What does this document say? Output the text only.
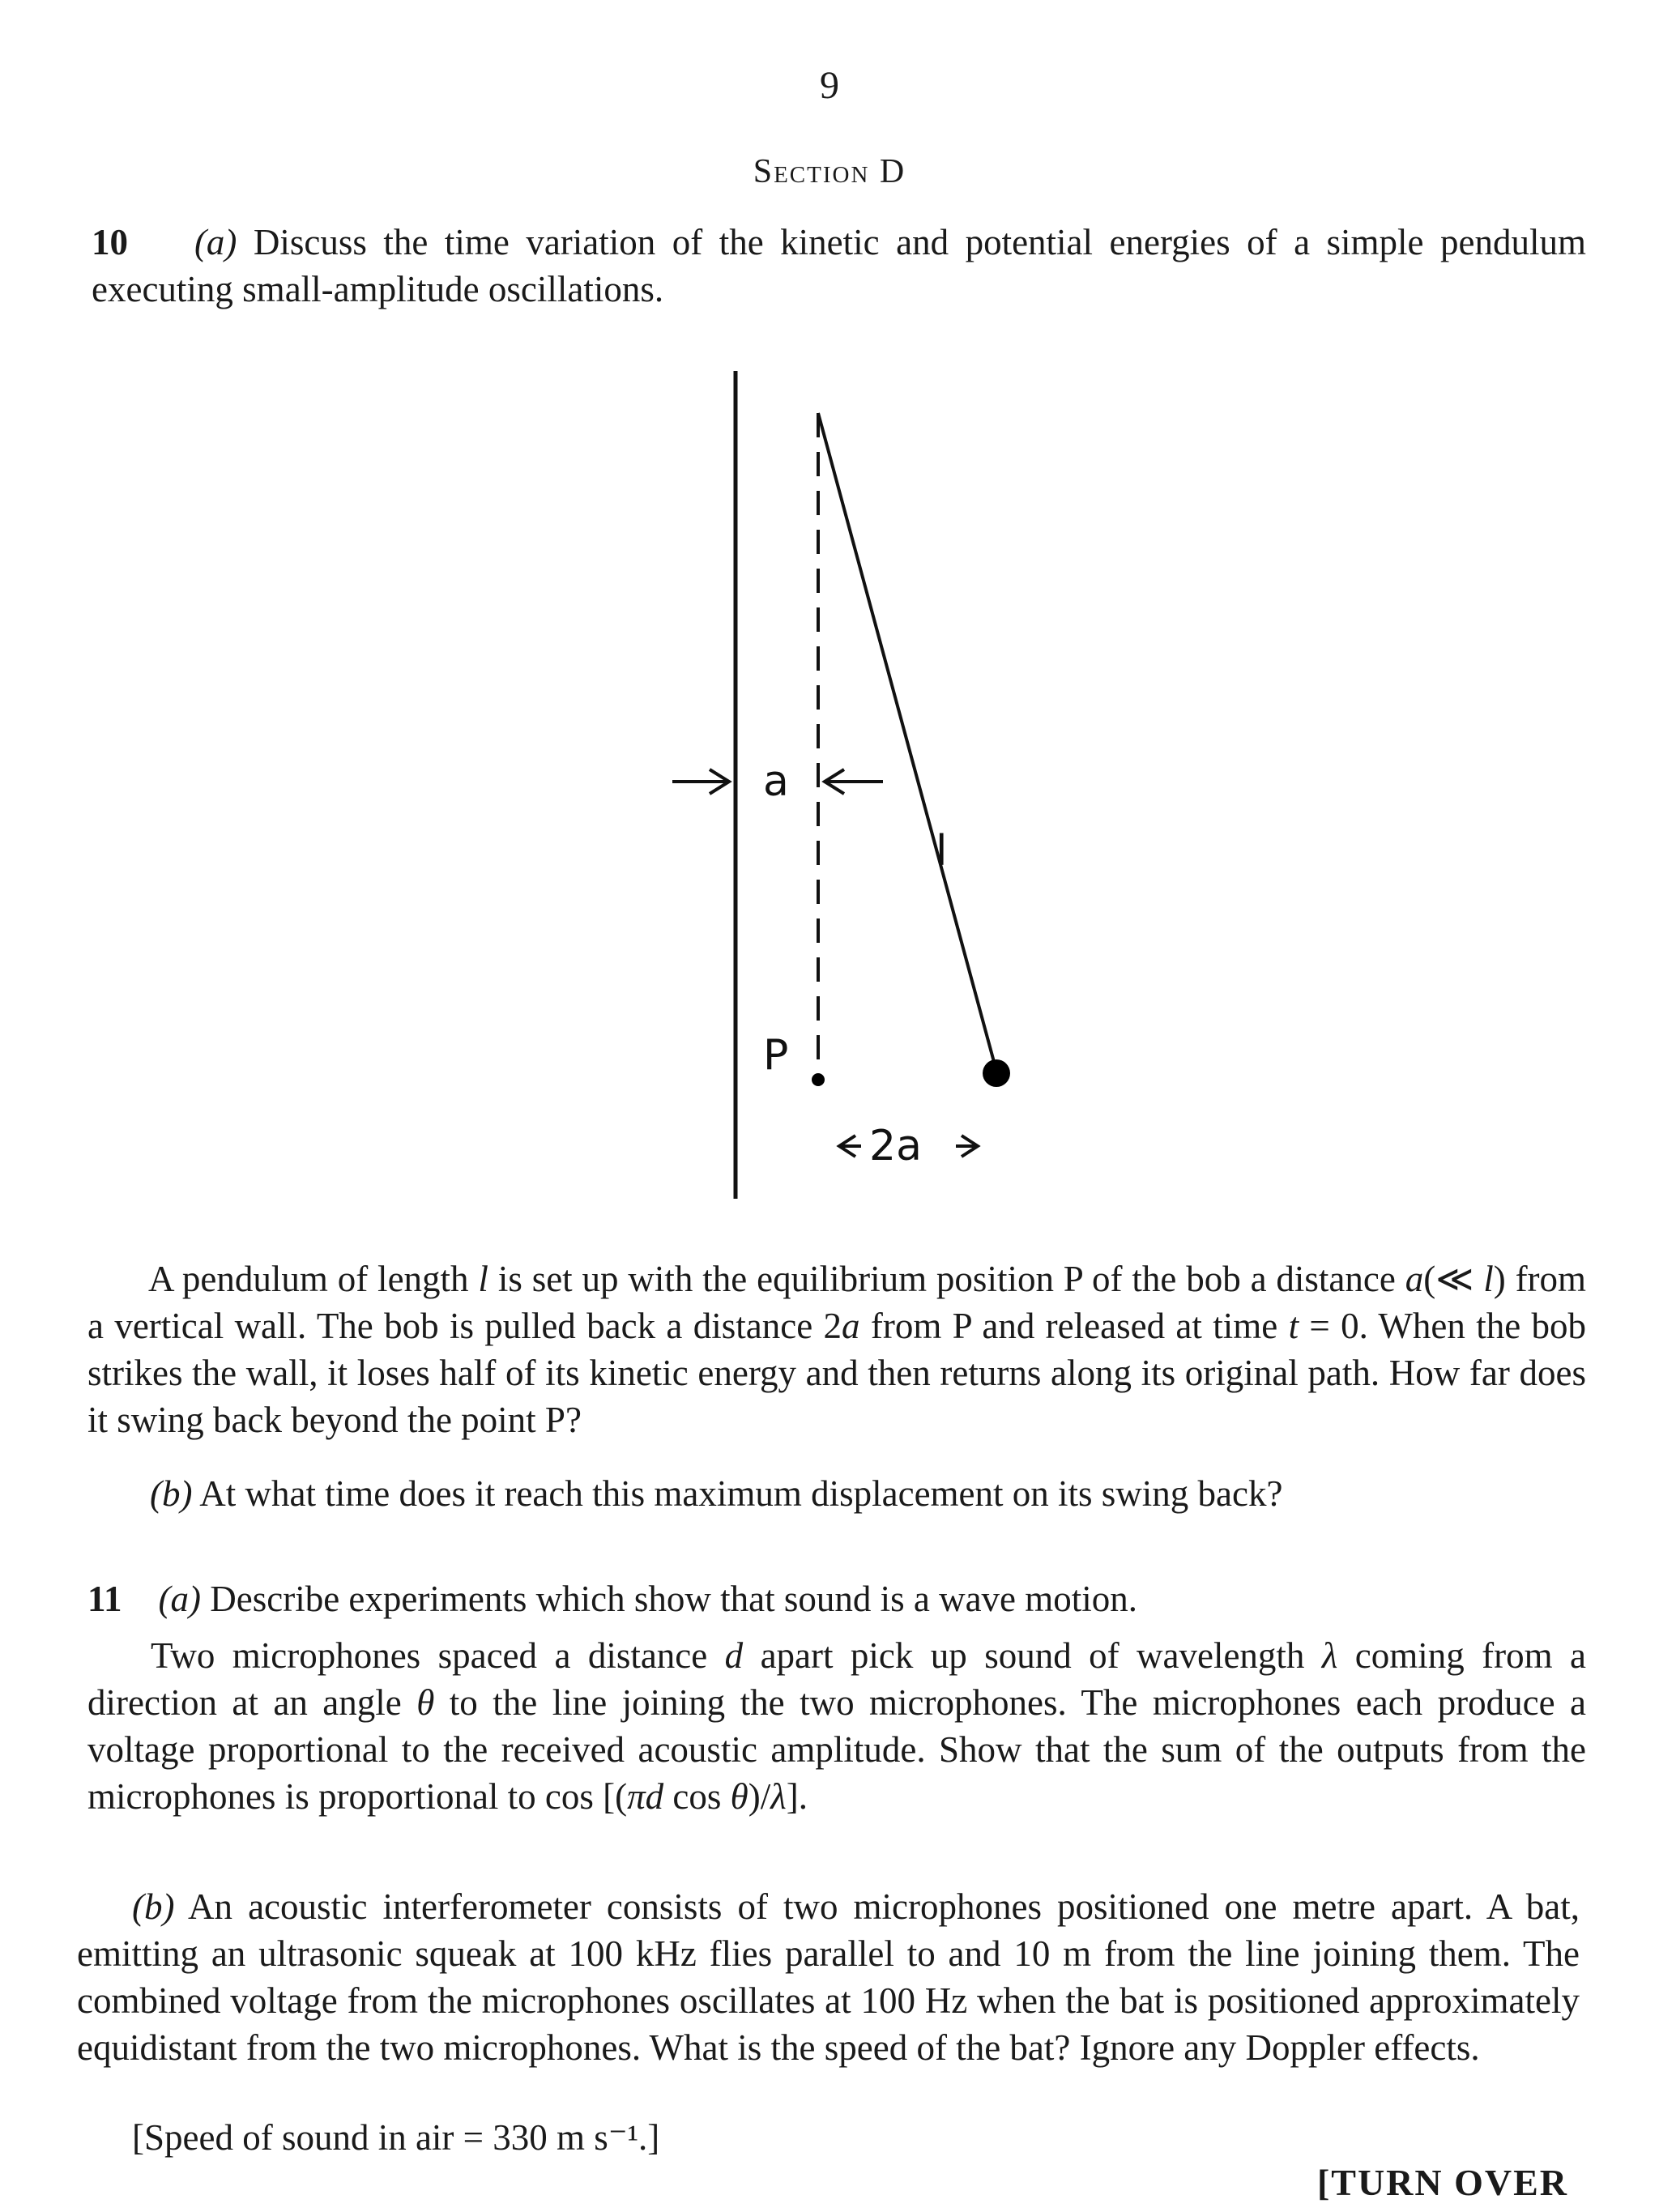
9
Section D
10 (a) Discuss the time variation of the kinetic and potential energies of a simple pendulum executing small-amplitude oscillations.
a
l
P
2a
A pendulum of length l is set up with the equilibrium position P of the bob a distance a(≪ l) from a vertical wall. The bob is pulled back a distance 2a from P and released at time t = 0. When the bob strikes the wall, it loses half of its kinetic energy and then returns along its original path. How far does it swing back beyond the point P?
(b) At what time does it reach this maximum displacement on its swing back?
11 (a) Describe experiments which show that sound is a wave motion.
Two microphones spaced a distance d apart pick up sound of wavelength λ coming from a direction at an angle θ to the line joining the two microphones. The microphones each produce a voltage proportional to the received acoustic amplitude. Show that the sum of the outputs from the microphones is proportional to cos [(πd cos θ)/λ].
(b) An acoustic interferometer consists of two microphones positioned one metre apart. A bat, emitting an ultrasonic squeak at 100 kHz flies parallel to and 10 m from the line joining them. The combined voltage from the microphones oscillates at 100 Hz when the bat is positioned approximately equidistant from the two microphones. What is the speed of the bat? Ignore any Doppler effects.
[Speed of sound in air = 330 m s⁻¹.]
[TURN OVER
